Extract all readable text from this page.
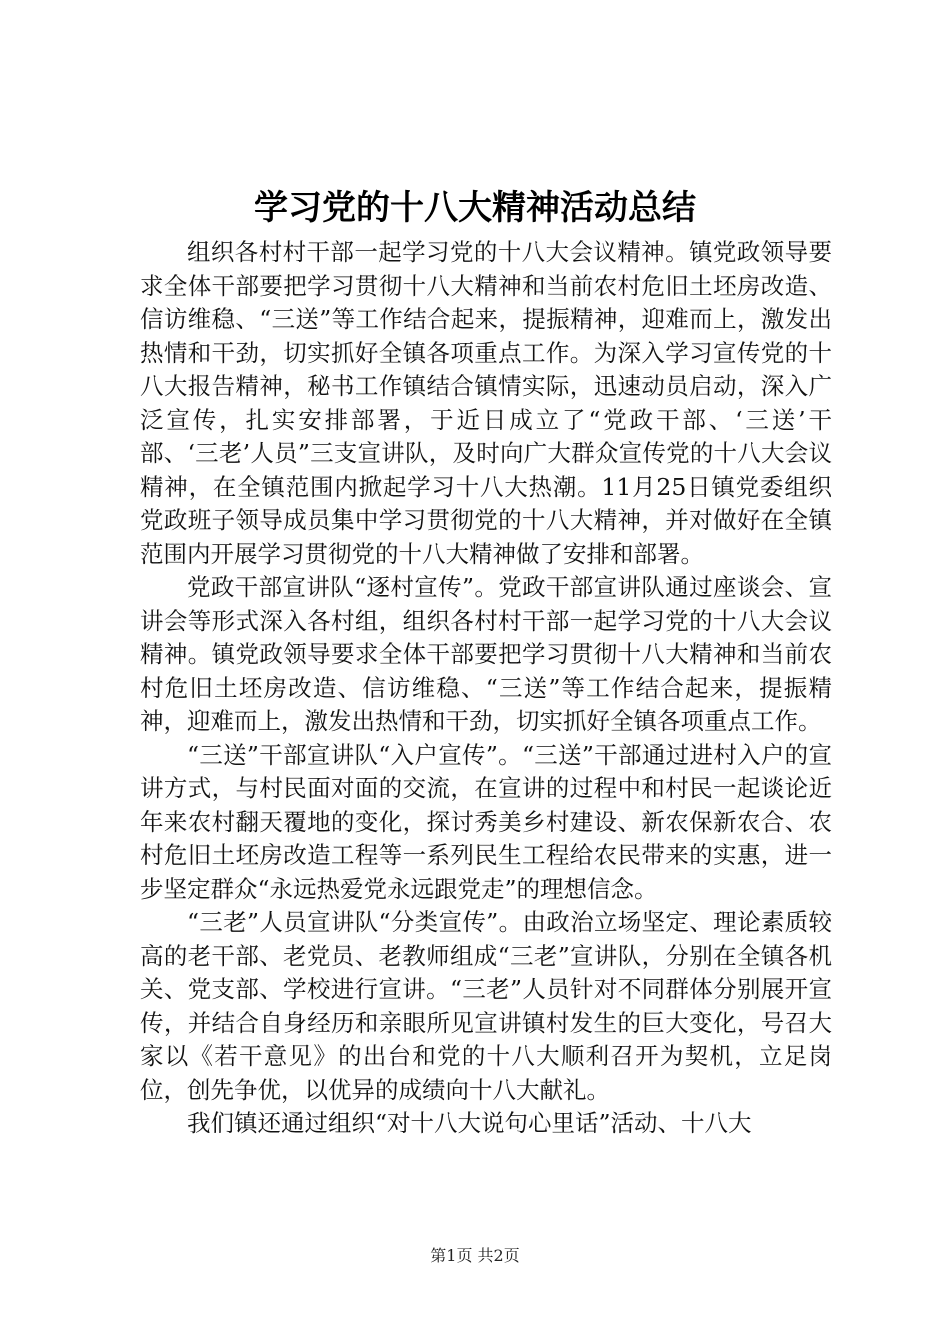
学习党的十八大精神活动总结

组织各村村干部一起学习党的十八大会议精神。镇党政领导要求全体干部要把学习贯彻十八大精神和当前农村危旧土坯房改造、信访维稳、“三送”等工作结合起来，提振精神，迎难而上，激发出热情和干劲，切实抓好全镇各项重点工作。为深入学习宣传党的十八大报告精神，秘书工作镇结合镇情实际，迅速动员启动，深入广泛宣传，扎实安排部署，于近日成立了“党政干部、‘三送’干部、‘三老’人员”三支宣讲队，及时向广大群众宣传党的十八大会议精神，在全镇范围内掀起学习十八大热潮。11月25日镇党委组织党政班子领导成员集中学习贯彻党的十八大精神，并对做好在全镇范围内开展学习贯彻党的十八大精神做了安排和部署。

党政干部宣讲队“逐村宣传”。党政干部宣讲队通过座谈会、宣讲会等形式深入各村组，组织各村村干部一起学习党的十八大会议精神。镇党政领导要求全体干部要把学习贯彻十八大精神和当前农村危旧土坯房改造、信访维稳、“三送”等工作结合起来，提振精神，迎难而上，激发出热情和干劲，切实抓好全镇各项重点工作。

“三送”干部宣讲队“入户宣传”。“三送”干部通过进村入户的宣讲方式，与村民面对面的交流，在宣讲的过程中和村民一起谈论近年来农村翻天覆地的变化，探讨秀美乡村建设、新农保新农合、农村危旧土坯房改造工程等一系列民生工程给农民带来的实惠，进一步坚定群众“永远热爱党永远跟党走”的理想信念。

“三老”人员宣讲队“分类宣传”。由政治立场坚定、理论素质较高的老干部、老党员、老教师组成“三老”宣讲队，分别在全镇各机关、党支部、学校进行宣讲。“三老”人员针对不同群体分别展开宣传，并结合自身经历和亲眼所见宣讲镇村发生的巨大变化，号召大家以《若干意见》的出台和党的十八大顺利召开为契机，立足岗位，创先争优，以优异的成绩向十八大献礼。

我们镇还通过组织“对十八大说句心里话”活动、十八大

第1页 共2页
